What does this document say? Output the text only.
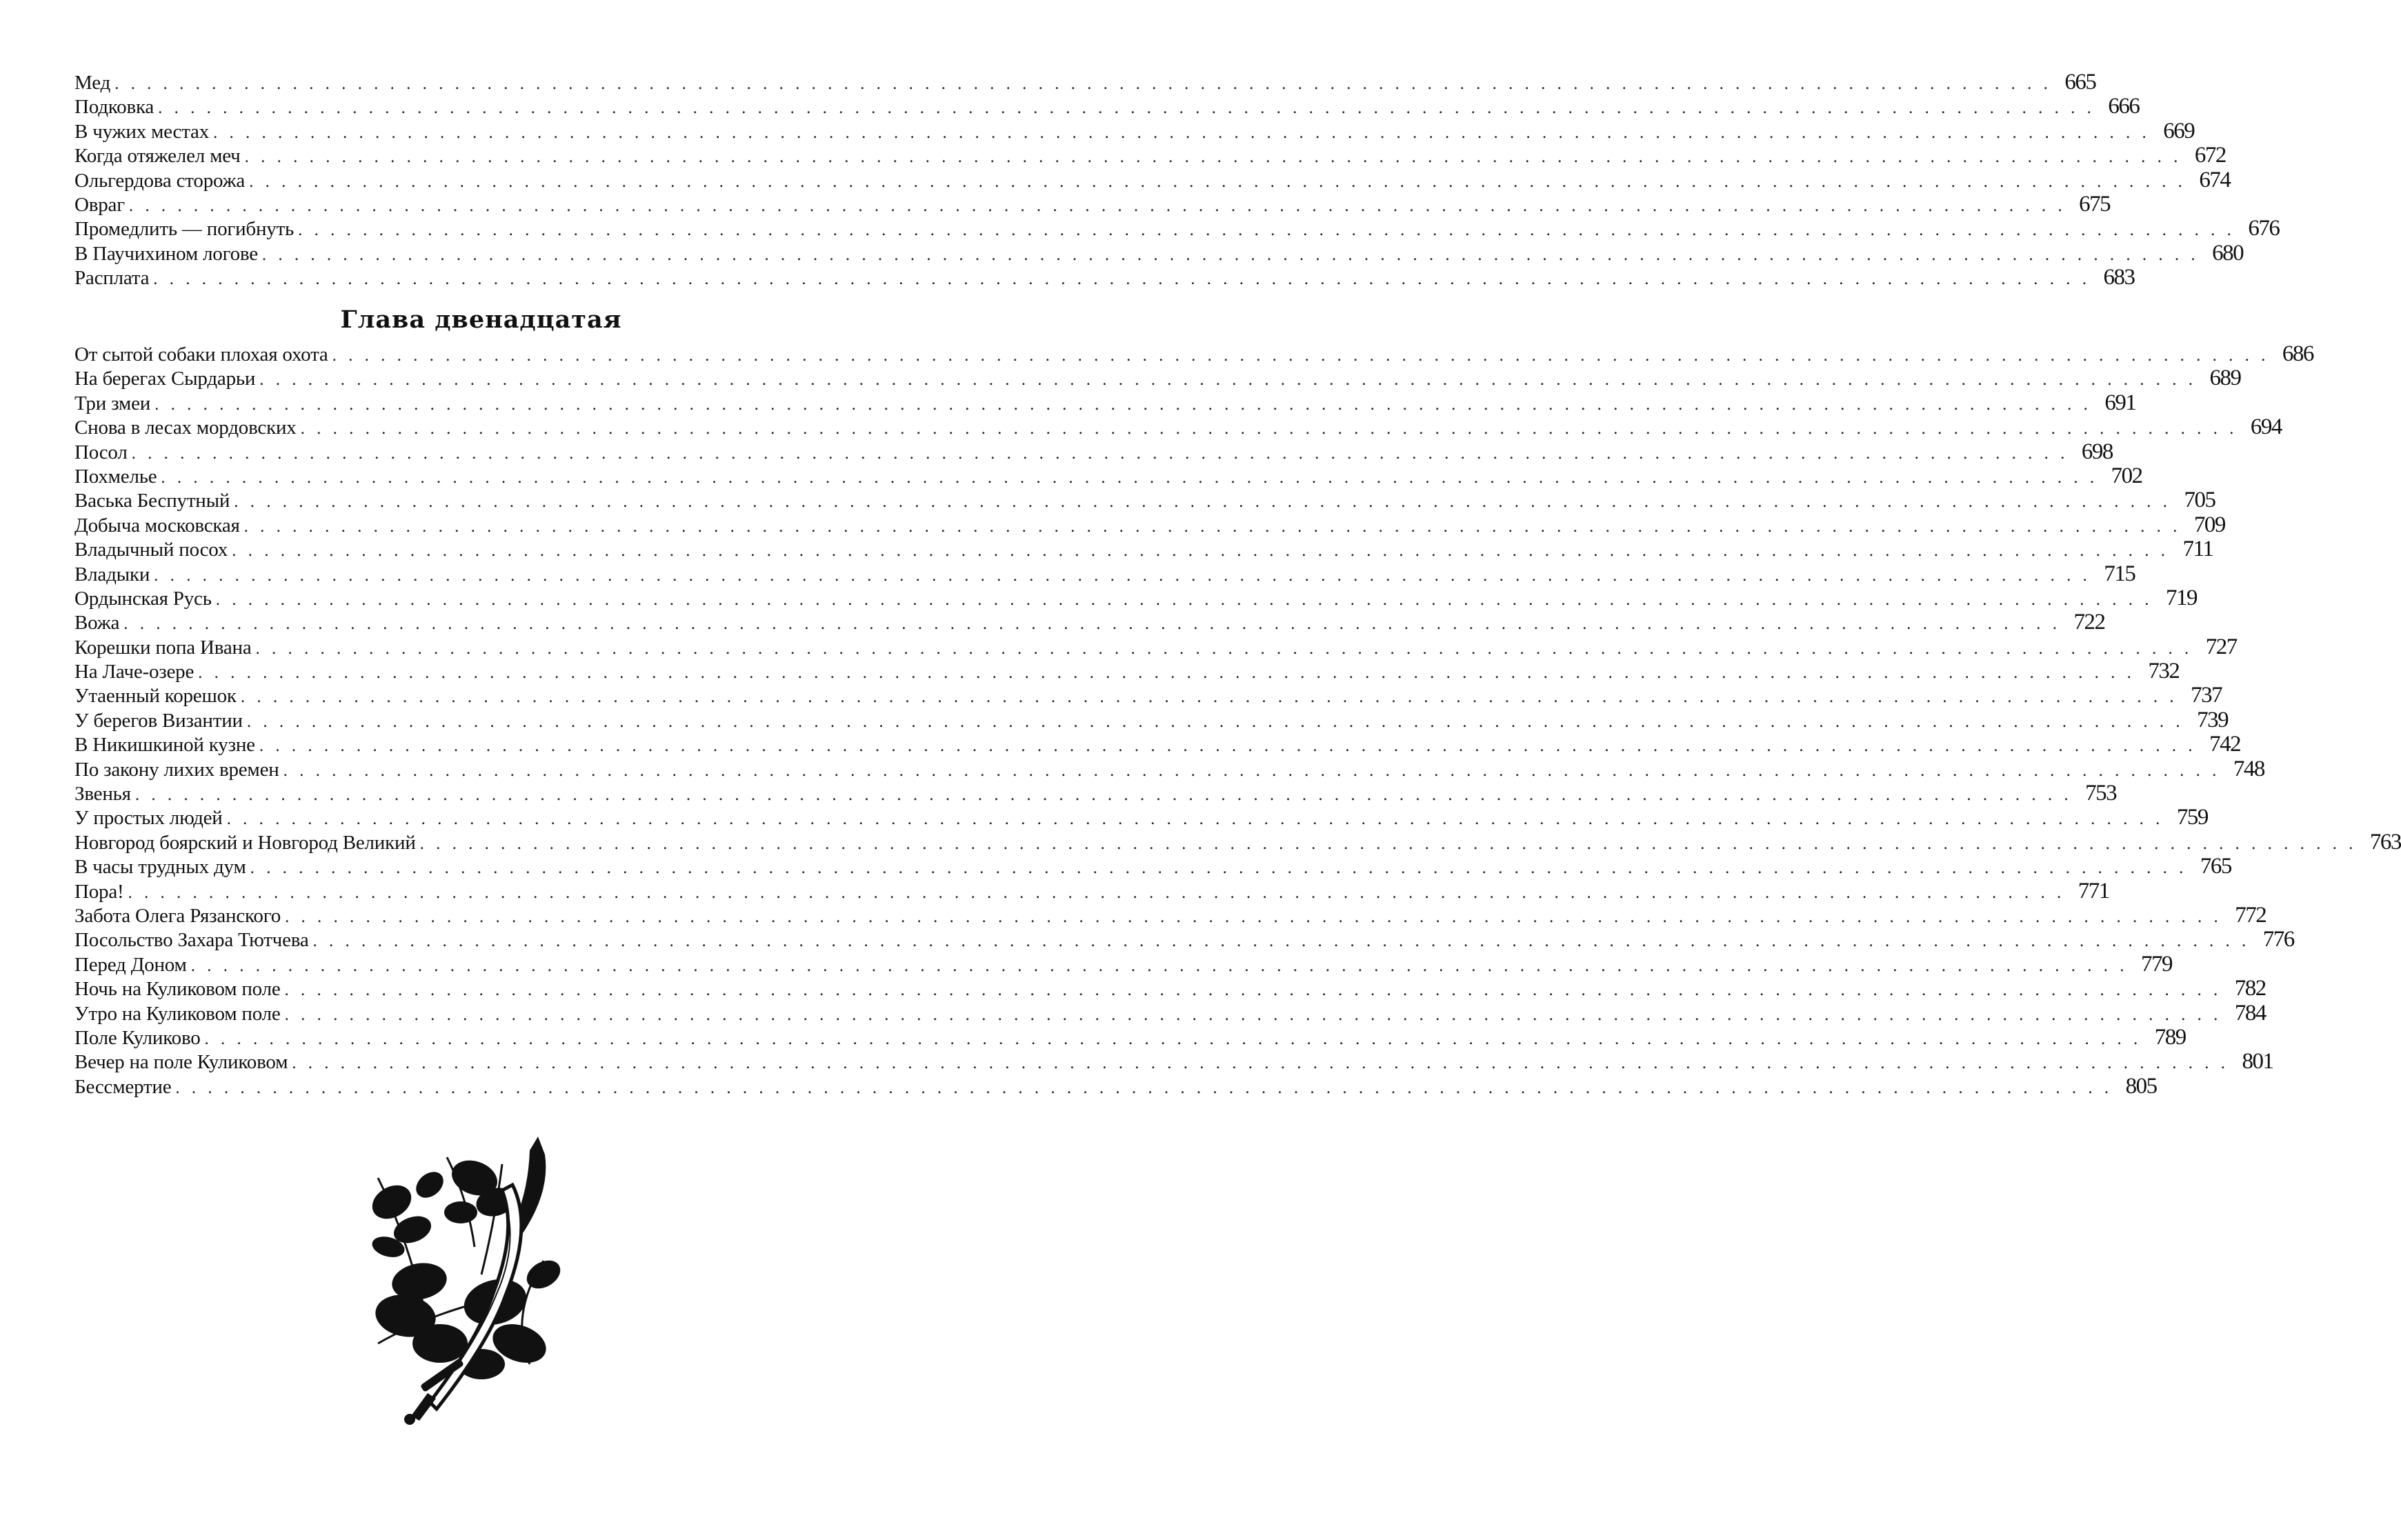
Мед . . . . . . . . . . . . . . . . . . . . . . . . . . . . . . . . . . . . . . . . . . . . . . . . . . . . . . . . . . . . . . . . . . . . . . . . . . . . . . . . . . . . . . . . . . . . . . . . . . . . . . . . . . . . . . . . . . . . . . . . 665
Подковка . . . . . . . . . . . . . . . . . . . . . . . . . . . . . . . . . . . . . . . . . . . . . . . . . . . . . . . . . . . . . . . . . . . . . . . . . . . . . . . . . . . . . . . . . . . . . . . . . . . . . . . . . . . . . . . . . . . . . . . . 666
В чужих местах . . . . . . . . . . . . . . . . . . . . . . . . . . . . . . . . . . . . . . . . . . . . . . . . . . . . . . . . . . . . . . . . . . . . . . . . . . . . . . . . . . . . . . . . . . . . . . . . . . . . . . . . . . . . . . . . . . . . . . . . 669
Когда отяжелел меч . . . . . . . . . . . . . . . . . . . . . . . . . . . . . . . . . . . . . . . . . . . . . . . . . . . . . . . . . . . . . . . . . . . . . . . . . . . . . . . . . . . . . . . . . . . . . . . . . . . . . . . . . . . . . . . . . . . . . . . . 672
Ольгердова сторожа . . . . . . . . . . . . . . . . . . . . . . . . . . . . . . . . . . . . . . . . . . . . . . . . . . . . . . . . . . . . . . . . . . . . . . . . . . . . . . . . . . . . . . . . . . . . . . . . . . . . . . . . . . . . . . . . . . . . . . . . 674
Овраг . . . . . . . . . . . . . . . . . . . . . . . . . . . . . . . . . . . . . . . . . . . . . . . . . . . . . . . . . . . . . . . . . . . . . . . . . . . . . . . . . . . . . . . . . . . . . . . . . . . . . . . . . . . . . . . . . . . . . . . . 675
Промедлить — погибнуть . . . . . . . . . . . . . . . . . . . . . . . . . . . . . . . . . . . . . . . . . . . . . . . . . . . . . . . . . . . . . . . . . . . . . . . . . . . . . . . . . . . . . . . . . . . . . . . . . . . . . . . . . . . . . . . . . . . . . . . . 676
В Паучихином логове . . . . . . . . . . . . . . . . . . . . . . . . . . . . . . . . . . . . . . . . . . . . . . . . . . . . . . . . . . . . . . . . . . . . . . . . . . . . . . . . . . . . . . . . . . . . . . . . . . . . . . . . . . . . . . . . . . . . . . . . 680
Расплата . . . . . . . . . . . . . . . . . . . . . . . . . . . . . . . . . . . . . . . . . . . . . . . . . . . . . . . . . . . . . . . . . . . . . . . . . . . . . . . . . . . . . . . . . . . . . . . . . . . . . . . . . . . . . . . . . . . . . . . . 683
Глава двенадцатая
От сытой собаки плохая охота . . . . . . . . . . . . . . . . . . . . . . . . . . . . . . . . . . . . . . . . . . . . . . . . . . . . . . . . . . . . . . . . . . . . . . . . . . . . . . . . . . . . . . . . . . . . . . . . . . . . . . . . . . . . . . . . . . . . . . . . 686
На берегах Сырдарьи . . . . . . . . . . . . . . . . . . . . . . . . . . . . . . . . . . . . . . . . . . . . . . . . . . . . . . . . . . . . . . . . . . . . . . . . . . . . . . . . . . . . . . . . . . . . . . . . . . . . . . . . . . . . . . . . . . . . . . . . 689
Три змеи . . . . . . . . . . . . . . . . . . . . . . . . . . . . . . . . . . . . . . . . . . . . . . . . . . . . . . . . . . . . . . . . . . . . . . . . . . . . . . . . . . . . . . . . . . . . . . . . . . . . . . . . . . . . . . . . . . . . . . . . 691
Снова в лесах мордовских . . . . . . . . . . . . . . . . . . . . . . . . . . . . . . . . . . . . . . . . . . . . . . . . . . . . . . . . . . . . . . . . . . . . . . . . . . . . . . . . . . . . . . . . . . . . . . . . . . . . . . . . . . . . . . . . . . . . . . . . 694
Посол . . . . . . . . . . . . . . . . . . . . . . . . . . . . . . . . . . . . . . . . . . . . . . . . . . . . . . . . . . . . . . . . . . . . . . . . . . . . . . . . . . . . . . . . . . . . . . . . . . . . . . . . . . . . . . . . . . . . . . . . 698
Похмелье . . . . . . . . . . . . . . . . . . . . . . . . . . . . . . . . . . . . . . . . . . . . . . . . . . . . . . . . . . . . . . . . . . . . . . . . . . . . . . . . . . . . . . . . . . . . . . . . . . . . . . . . . . . . . . . . . . . . . . . . 702
Васька Беспутный . . . . . . . . . . . . . . . . . . . . . . . . . . . . . . . . . . . . . . . . . . . . . . . . . . . . . . . . . . . . . . . . . . . . . . . . . . . . . . . . . . . . . . . . . . . . . . . . . . . . . . . . . . . . . . . . . . . . . . . . 705
Добыча московская . . . . . . . . . . . . . . . . . . . . . . . . . . . . . . . . . . . . . . . . . . . . . . . . . . . . . . . . . . . . . . . . . . . . . . . . . . . . . . . . . . . . . . . . . . . . . . . . . . . . . . . . . . . . . . . . . . . . . . . . 709
Владычный посох . . . . . . . . . . . . . . . . . . . . . . . . . . . . . . . . . . . . . . . . . . . . . . . . . . . . . . . . . . . . . . . . . . . . . . . . . . . . . . . . . . . . . . . . . . . . . . . . . . . . . . . . . . . . . . . . . . . . . . . . 711
Владыки . . . . . . . . . . . . . . . . . . . . . . . . . . . . . . . . . . . . . . . . . . . . . . . . . . . . . . . . . . . . . . . . . . . . . . . . . . . . . . . . . . . . . . . . . . . . . . . . . . . . . . . . . . . . . . . . . . . . . . . . 715
Ордынская Русь . . . . . . . . . . . . . . . . . . . . . . . . . . . . . . . . . . . . . . . . . . . . . . . . . . . . . . . . . . . . . . . . . . . . . . . . . . . . . . . . . . . . . . . . . . . . . . . . . . . . . . . . . . . . . . . . . . . . . . . . 719
Вожа . . . . . . . . . . . . . . . . . . . . . . . . . . . . . . . . . . . . . . . . . . . . . . . . . . . . . . . . . . . . . . . . . . . . . . . . . . . . . . . . . . . . . . . . . . . . . . . . . . . . . . . . . . . . . . . . . . . . . . . . 722
Корешки попа Ивана . . . . . . . . . . . . . . . . . . . . . . . . . . . . . . . . . . . . . . . . . . . . . . . . . . . . . . . . . . . . . . . . . . . . . . . . . . . . . . . . . . . . . . . . . . . . . . . . . . . . . . . . . . . . . . . . . . . . . . . . 727
На Лаче-озере . . . . . . . . . . . . . . . . . . . . . . . . . . . . . . . . . . . . . . . . . . . . . . . . . . . . . . . . . . . . . . . . . . . . . . . . . . . . . . . . . . . . . . . . . . . . . . . . . . . . . . . . . . . . . . . . . . . . . . . . 732
Утаенный корешок . . . . . . . . . . . . . . . . . . . . . . . . . . . . . . . . . . . . . . . . . . . . . . . . . . . . . . . . . . . . . . . . . . . . . . . . . . . . . . . . . . . . . . . . . . . . . . . . . . . . . . . . . . . . . . . . . . . . . . . . 737
У берегов Византии . . . . . . . . . . . . . . . . . . . . . . . . . . . . . . . . . . . . . . . . . . . . . . . . . . . . . . . . . . . . . . . . . . . . . . . . . . . . . . . . . . . . . . . . . . . . . . . . . . . . . . . . . . . . . . . . . . . . . . . . 739
В Никишкиной кузне . . . . . . . . . . . . . . . . . . . . . . . . . . . . . . . . . . . . . . . . . . . . . . . . . . . . . . . . . . . . . . . . . . . . . . . . . . . . . . . . . . . . . . . . . . . . . . . . . . . . . . . . . . . . . . . . . . . . . . . . 742
По закону лихих времен . . . . . . . . . . . . . . . . . . . . . . . . . . . . . . . . . . . . . . . . . . . . . . . . . . . . . . . . . . . . . . . . . . . . . . . . . . . . . . . . . . . . . . . . . . . . . . . . . . . . . . . . . . . . . . . . . . . . . . . . 748
Звенья . . . . . . . . . . . . . . . . . . . . . . . . . . . . . . . . . . . . . . . . . . . . . . . . . . . . . . . . . . . . . . . . . . . . . . . . . . . . . . . . . . . . . . . . . . . . . . . . . . . . . . . . . . . . . . . . . . . . . . . . 753
У простых людей . . . . . . . . . . . . . . . . . . . . . . . . . . . . . . . . . . . . . . . . . . . . . . . . . . . . . . . . . . . . . . . . . . . . . . . . . . . . . . . . . . . . . . . . . . . . . . . . . . . . . . . . . . . . . . . . . . . . . . . . 759
Новгород боярский и Новгород Великий . . . . . . . . . . . . . . . . . . . . . . . . . . . . . . . . . . . . . . . . . . . . . . . . . . . . . . . . . . . . . . . . . . . . . . . . . . . . . . . . . . . . . . . . . . . . . . . . . . . . . . . . . . . . . . . . . . . . . . . . 763
В часы трудных дум . . . . . . . . . . . . . . . . . . . . . . . . . . . . . . . . . . . . . . . . . . . . . . . . . . . . . . . . . . . . . . . . . . . . . . . . . . . . . . . . . . . . . . . . . . . . . . . . . . . . . . . . . . . . . . . . . . . . . . . . 765
Пора! . . . . . . . . . . . . . . . . . . . . . . . . . . . . . . . . . . . . . . . . . . . . . . . . . . . . . . . . . . . . . . . . . . . . . . . . . . . . . . . . . . . . . . . . . . . . . . . . . . . . . . . . . . . . . . . . . . . . . . . . 771
Забота Олега Рязанского . . . . . . . . . . . . . . . . . . . . . . . . . . . . . . . . . . . . . . . . . . . . . . . . . . . . . . . . . . . . . . . . . . . . . . . . . . . . . . . . . . . . . . . . . . . . . . . . . . . . . . . . . . . . . . . . . . . . . . . . 772
Посольство Захара Тютчева . . . . . . . . . . . . . . . . . . . . . . . . . . . . . . . . . . . . . . . . . . . . . . . . . . . . . . . . . . . . . . . . . . . . . . . . . . . . . . . . . . . . . . . . . . . . . . . . . . . . . . . . . . . . . . . . . . . . . . . . 776
Перед Доном . . . . . . . . . . . . . . . . . . . . . . . . . . . . . . . . . . . . . . . . . . . . . . . . . . . . . . . . . . . . . . . . . . . . . . . . . . . . . . . . . . . . . . . . . . . . . . . . . . . . . . . . . . . . . . . . . . . . . . . . 779
Ночь на Куликовом поле . . . . . . . . . . . . . . . . . . . . . . . . . . . . . . . . . . . . . . . . . . . . . . . . . . . . . . . . . . . . . . . . . . . . . . . . . . . . . . . . . . . . . . . . . . . . . . . . . . . . . . . . . . . . . . . . . . . . . . . . 782
Утро на Куликовом поле . . . . . . . . . . . . . . . . . . . . . . . . . . . . . . . . . . . . . . . . . . . . . . . . . . . . . . . . . . . . . . . . . . . . . . . . . . . . . . . . . . . . . . . . . . . . . . . . . . . . . . . . . . . . . . . . . . . . . . . . 784
Поле Куликово . . . . . . . . . . . . . . . . . . . . . . . . . . . . . . . . . . . . . . . . . . . . . . . . . . . . . . . . . . . . . . . . . . . . . . . . . . . . . . . . . . . . . . . . . . . . . . . . . . . . . . . . . . . . . . . . . . . . . . . . 789
Вечер на поле Куликовом . . . . . . . . . . . . . . . . . . . . . . . . . . . . . . . . . . . . . . . . . . . . . . . . . . . . . . . . . . . . . . . . . . . . . . . . . . . . . . . . . . . . . . . . . . . . . . . . . . . . . . . . . . . . . . . . . . . . . . . . 801
Бессмертие . . . . . . . . . . . . . . . . . . . . . . . . . . . . . . . . . . . . . . . . . . . . . . . . . . . . . . . . . . . . . . . . . . . . . . . . . . . . . . . . . . . . . . . . . . . . . . . . . . . . . . . . . . . . . . . . . . . . . . . . 805
